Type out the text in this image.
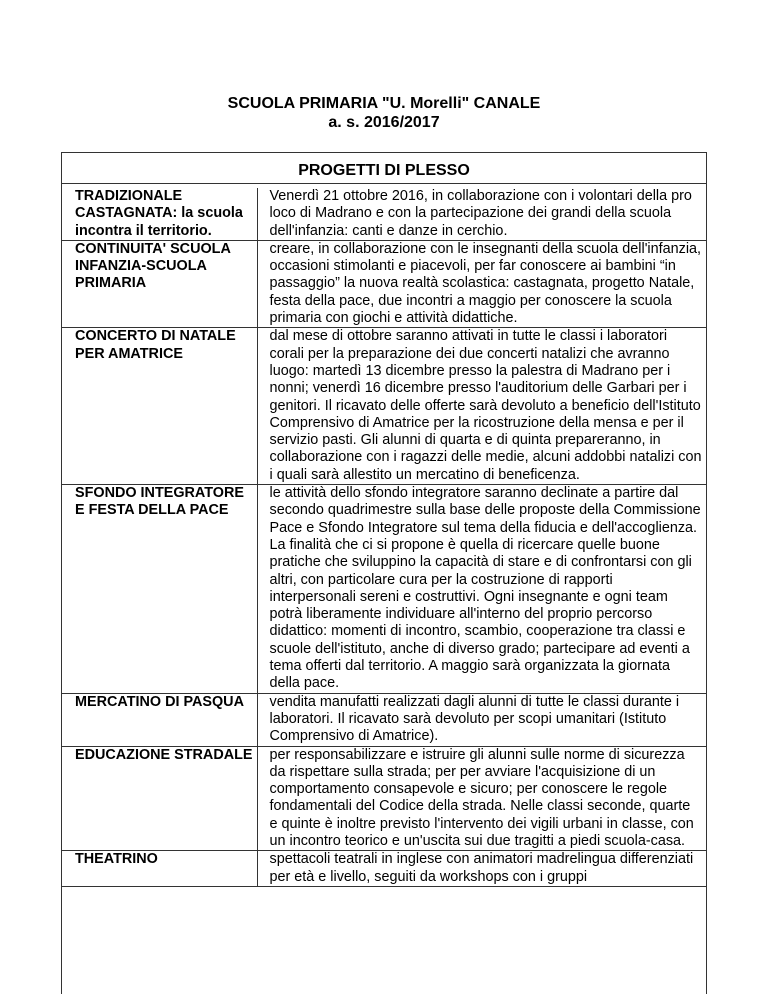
SCUOLA PRIMARIA "U. Morelli" CANALE
a. s. 2016/2017
PROGETTI DI PLESSO
TRADIZIONALE CASTAGNATA: la scuola incontra il territorio.	Venerdì 21 ottobre 2016, in collaborazione con i volontari della pro loco di Madrano e con la partecipazione dei grandi della scuola dell'infanzia: canti e danze in cerchio.
CONTINUITA' SCUOLA INFANZIA-SCUOLA PRIMARIA	creare, in collaborazione con le insegnanti della scuola dell'infanzia, occasioni stimolanti e piacevoli, per far conoscere ai bambini “in passaggio” la nuova realtà scolastica: castagnata, progetto Natale, festa della pace, due incontri a maggio per conoscere la scuola primaria con giochi e attività didattiche.
CONCERTO DI NATALE PER AMATRICE	dal mese di ottobre saranno attivati in tutte le classi i laboratori corali per la preparazione dei due concerti natalizi che avranno luogo: martedì 13 dicembre presso la palestra di Madrano per i nonni; venerdì 16 dicembre presso l'auditorium delle Garbari per i genitori. Il ricavato delle offerte sarà devoluto a beneficio dell'Istituto Comprensivo di Amatrice per la ricostruzione della mensa e per il servizio pasti. Gli alunni di quarta e di quinta prepareranno, in collaborazione con i ragazzi delle medie, alcuni addobbi natalizi con i quali sarà allestito un mercatino di beneficenza.
SFONDO INTEGRATORE E FESTA DELLA PACE	le attività dello sfondo integratore saranno declinate a partire dal secondo quadrimestre sulla base delle proposte della Commissione Pace e Sfondo Integratore sul tema della fiducia e dell'accoglienza. La finalità che ci si propone è quella di ricercare quelle buone pratiche che sviluppino la capacità di stare e di confrontarsi con gli altri, con particolare cura per la costruzione di rapporti interpersonali sereni e costruttivi. Ogni insegnante e ogni team potrà liberamente individuare all'interno del proprio percorso didattico: momenti di incontro, scambio, cooperazione tra classi e scuole dell'istituto, anche di diverso grado; partecipare ad eventi a tema offerti dal territorio. A maggio sarà organizzata la giornata della pace.
MERCATINO DI PASQUA	vendita manufatti realizzati dagli alunni di tutte le classi durante i laboratori. Il ricavato sarà devoluto per scopi umanitari (Istituto Comprensivo di Amatrice).
EDUCAZIONE STRADALE	per responsabilizzare e istruire gli alunni sulle norme di sicurezza da rispettare sulla strada; per per avviare l'acquisizione di un comportamento consapevole e sicuro; per conoscere le regole fondamentali del Codice della strada. Nelle classi seconde, quarte e quinte è inoltre previsto l'intervento dei vigili urbani in classe, con un incontro teorico e un'uscita sui due tragitti a piedi scuola-casa.
THEATRINO	spettacoli teatrali in inglese con animatori madrelingua differenziati per età e livello, seguiti da workshops con i gruppi
